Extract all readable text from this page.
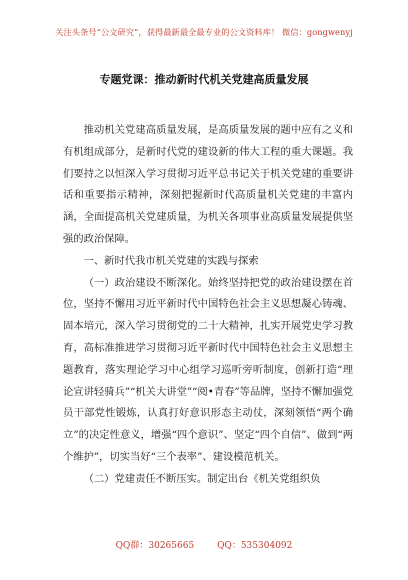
关注头条号“公文研究”，获得最新最全最专业的公文资料库！ 微信：gongwenyj
专题党课：推动新时代机关党建高质量发展

推动机关党建高质量发展，是高质量发展的题中应有之义和有机组成部分，是新时代党的建设新的伟大工程的重大课题。我们要持之以恒深入学习贯彻习近平总书记关于机关党建的重要讲话和重要指示精神，深刻把握新时代高质量机关党建的丰富内涵，全面提高机关党建质量，为机关各项事业高质量发展提供坚强的政治保障。

一、新时代我市机关党建的实践与探索

（一）政治建设不断深化。始终坚持把党的政治建设摆在首位，坚持不懈用习近平新时代中国特色社会主义思想凝心铸魂、固本培元，深入学习贯彻党的二十大精神，扎实开展党史学习教育，高标准推进学习贯彻习近平新时代中国特色社会主义思想主题教育，落实理论学习中心组学习巡听旁听制度，创新打造“理论宣讲轻骑兵”“机关大讲堂”“阅•青春”等品牌，坚持不懈加强党员干部党性锻炼，认真打好意识形态主动仗，深刻领悟“两个确立”的决定性意义，增强“四个意识”、坚定“四个自信”、做到“两个维护”，切实当好“三个表率”、建设模范机关。

（二）党建责任不断压实。制定出台《机关党组织负

QQ群：30265665	QQ：535304092
